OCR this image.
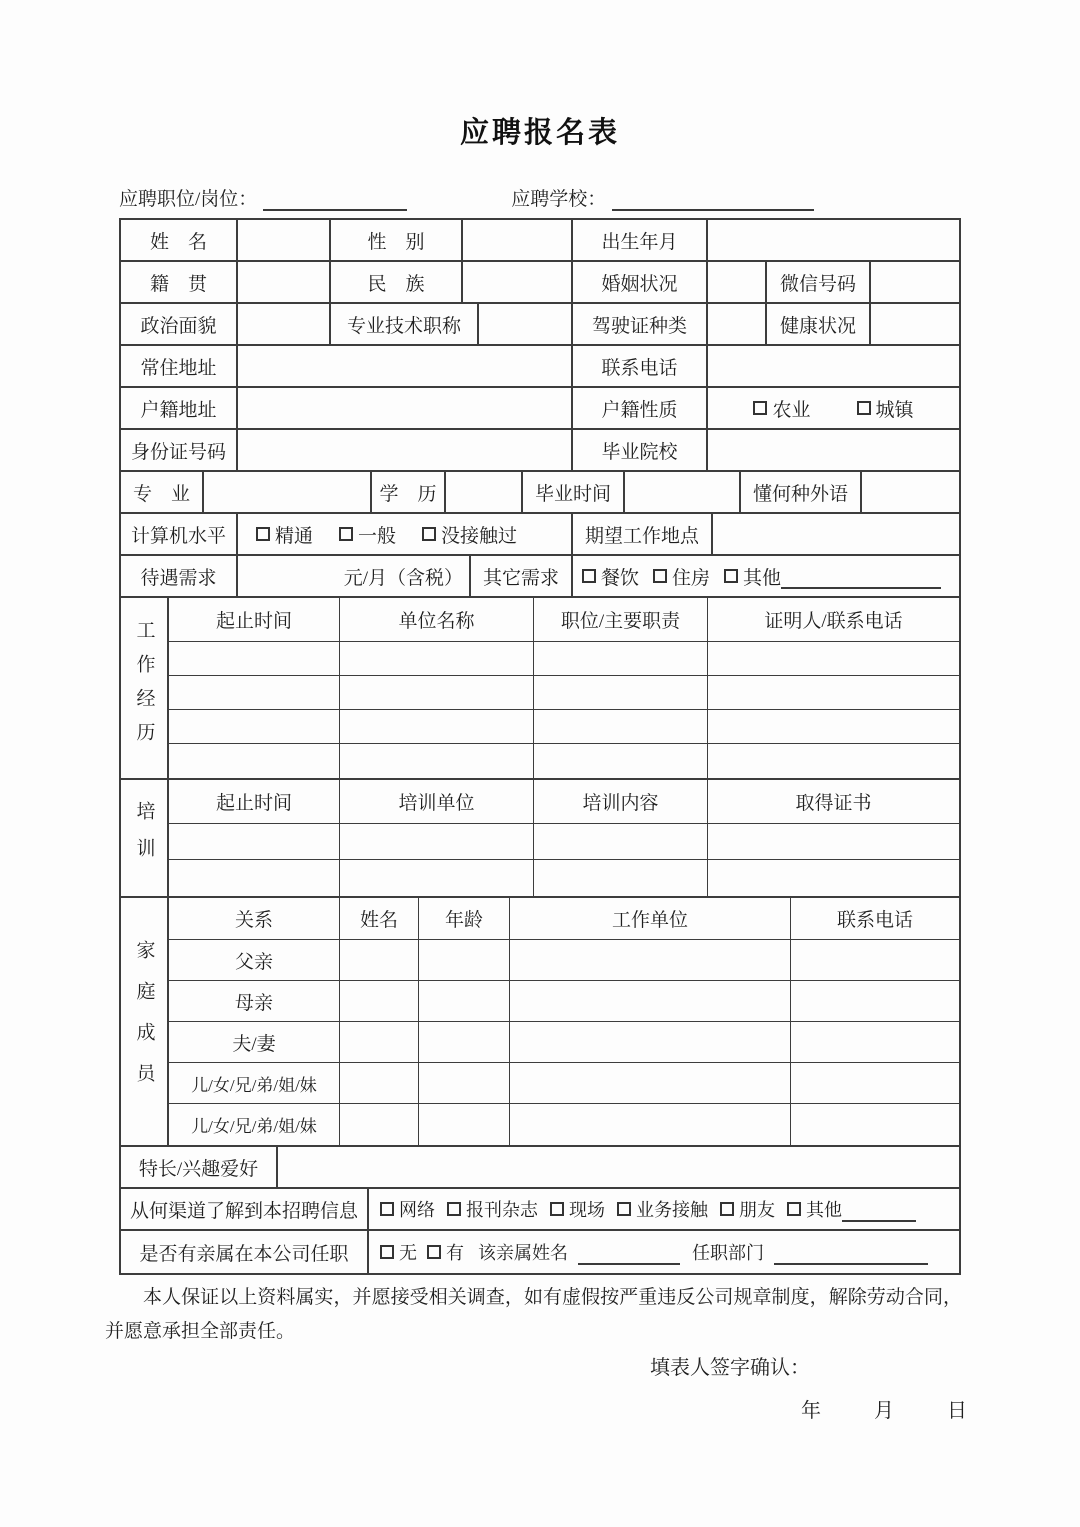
应聘报名表
应聘职位/岗位：	应聘学校：
姓　名	性　别	出生年月
籍　贯	民　族	婚姻状况	微信号码
政治面貌	专业技术职称	驾驶证种类	健康状况
常住地址	联系电话
户籍地址	户籍性质	农业	城镇
身份证号码	毕业院校
专　业	学　历	毕业时间	懂何种外语
计算机水平	精通 一般 没接触过	期望工作地点
待遇需求	元/月（含税）	其它需求	餐饮 住房 其他
工作经历	起止时间	单位名称	职位/主要职责	证明人/联系电话
培训	起止时间	培训单位	培训内容	取得证书
家庭成员
关系	姓名	年龄	工作单位	联系电话
父亲
母亲
夫/妻
儿/女/兄/弟/姐/妹
儿/女/兄/弟/姐/妹
特长/兴趣爱好
从何渠道了解到本招聘信息	网络 报刊杂志 现场 业务接触 朋友 其他
是否有亲属在本公司任职	无 有 该亲属姓名	任职部门
本人保证以上资料属实，并愿接受相关调查，如有虚假按严重违反公司规章制度，解除劳动合同，并愿意承担全部责任。
填表人签字确认：
年	月	日
